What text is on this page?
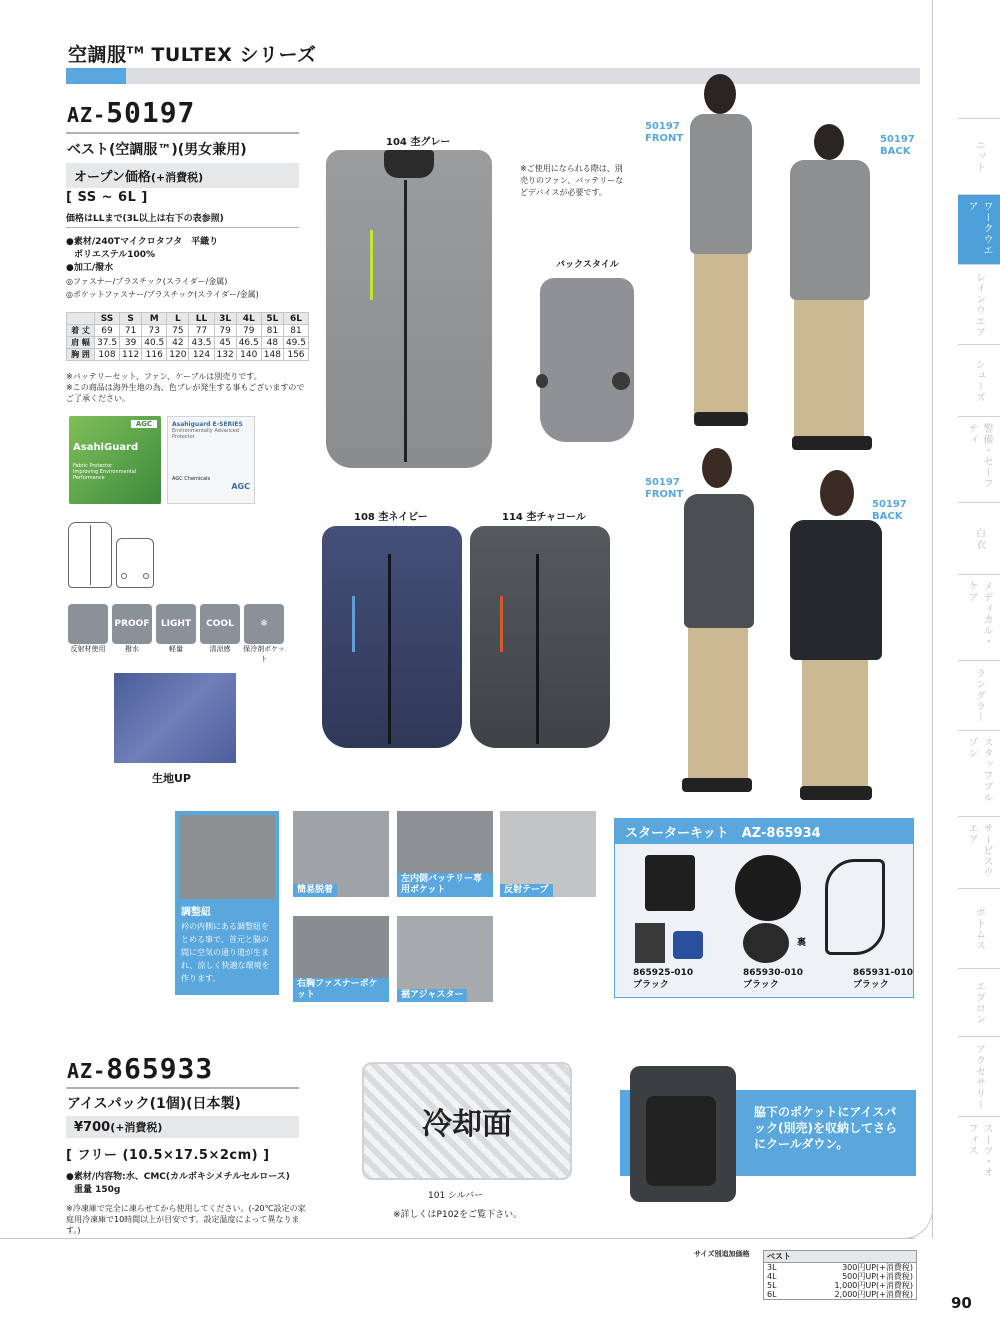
空調服™ TULTEX シリーズ
ニット
ワークウエア
レインウエア
シューズ
警備・セーフティ
白衣
メディカル・ケア
ラングラー
スタッフブルゾン
サービスウエア
ボトムス
エプロン
アクセサリー
スーツ・オフィス
AZ-50197
ベスト(空調服™)(男女兼用)
オープン価格(+消費税)
[ SS ~ 6L ]
価格はLLまで(3L以上は右下の表参照)
●素材/240Tマイクロタフタ　平織り
ポリエステル100%
●加工/撥水
◎ファスナー/プラスチック(スライダー/金属)
◎ポケットファスナー/プラスチック(スライダー/金属)
	SS	S	M	L	LL	3L	4L	5L	6L
着 丈	69	71	73	75	77	79	79	81	81
肩 幅	37.5	39	40.5	42	43.5	45	46.5	48	49.5
胸 囲	108	112	116	120	124	132	140	148	156
※バッテリーセット、ファン、ケーブルは別売りです。
※この商品は海外生地の為、色ブレが発生する事もございますのでご了承ください。
AGC
AsahiGuard
Fabric Protector
Improving Environmental Performance
Asahiguard E-SERIES
Environmentally Advanced Protector
AGC Chemicals
AGC
反射材使用
PROOF
撥水
LIGHT
軽量
COOL
清涼感
❄
保冷剤ポケット
生地UP
104 杢グレー
※ご使用になられる際は、別売りのファン、バッテリーなどデバイスが必要です。
バックスタイル
108 杢ネイビー	114 杢チャコール
50197
FRONT	50197
BACK
50197
FRONT
50197
BACK
調整紐
衿の内側にある調整紐をとめる事で、首元と脇の間に空気の通り道が生まれ、涼しく快適な環境を作ります。
簡易脱着
左内側バッテリー専用ポケット	反射テープ
右胸ファスナーポケット	裾アジャスター
スターターキット　AZ-865934
裏
865925-010
ブラック
865930-010
ブラック
865931-010
ブラック
AZ-865933
アイスパック(1個)(日本製)
¥700(+消費税)
[ フリー (10.5×17.5×2cm) ]
●素材/内容物:水、CMC(カルボキシメチルセルロース)
重量 150g
※冷凍庫で完全に凍らせてから使用してください。(-20℃設定の家庭用冷凍庫で10時間以上が目安です。設定温度によって異なります。)
冷却面
101 シルバー
※詳しくはP102をご覧下さい。
脇下のポケットにアイスパック(別売)を収納してさらにクールダウン。
サイズ別追加価格	ベスト
3L	300円UP(+消費税)
4L	500円UP(+消費税)
5L	1,000円UP(+消費税)
6L	2,000円UP(+消費税)	90
